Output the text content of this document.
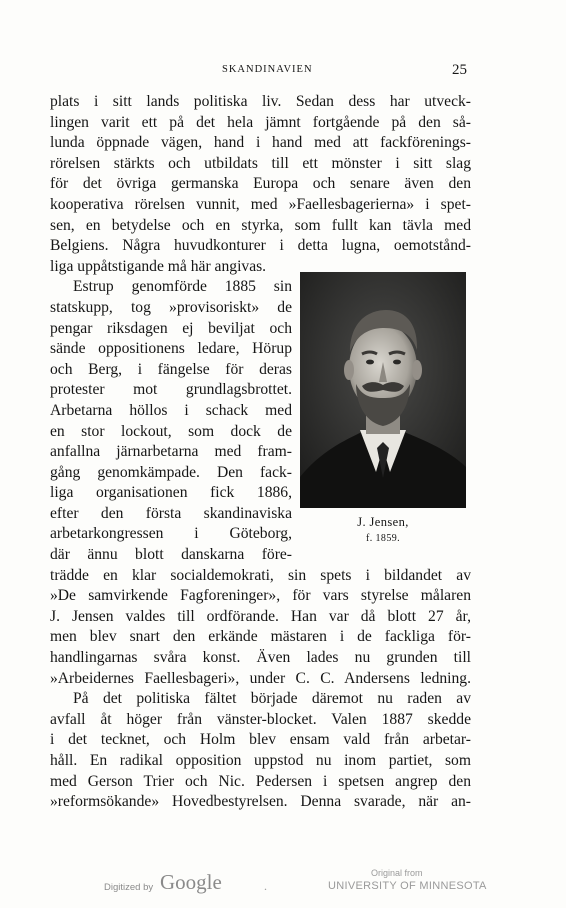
SKANDINAVIEN	25
plats i sitt lands politiska liv. Sedan dess har utveck-
lingen varit ett på det hela jämnt fortgående på den så-
lunda öppnade vägen, hand i hand med att fackförenings-
rörelsen stärkts och utbildats till ett mönster i sitt slag
för det övriga germanska Europa och senare även den
kooperativa rörelsen vunnit, med »Faellesbagerierna» i spet-
sen, en betydelse och en styrka, som fullt kan tävla med
Belgiens. Några huvudkonturer i detta lugna, oemotstånd-
liga uppåtstigande må här angivas.
Estrup genomförde 1885 sin
statskupp, tog »provisoriskt» de
pengar riksdagen ej beviljat och
sände oppositionens ledare, Hörup
och Berg, i fängelse för deras
protester mot grundlagsbrottet.
Arbetarna höllos i schack med
en stor lockout, som dock de
anfallna järnarbetarna med fram-
gång genomkämpade. Den fack-
liga organisationen fick 1886,
efter den första skandinaviska
arbetarkongressen i Göteborg,
där ännu blott danskarna före-
trädde en klar socialdemokrati, sin spets i bildandet av
»De samvirkende Fagforeninger», för vars styrelse målaren
J. Jensen valdes till ordförande. Han var då blott 27 år,
men blev snart den erkände mästaren i de fackliga för-
handlingarnas svåra konst. Även lades nu grunden till
»Arbeidernes Faellesbageri», under C. C. Andersens ledning.
På det politiska fältet började däremot nu raden av
avfall åt höger från vänster-blocket. Valen 1887 skedde
i det tecknet, och Holm blev ensam vald från arbetar-
håll. En radikal opposition uppstod nu inom partiet, som
med Gerson Trier och Nic. Pedersen i spetsen angrep den
»reformsökande» Hovedbestyrelsen. Denna svarade, när an-
J. Jensen,
f. 1859.
Digitized by Google	.
Original from
UNIVERSITY OF MINNESOTA
